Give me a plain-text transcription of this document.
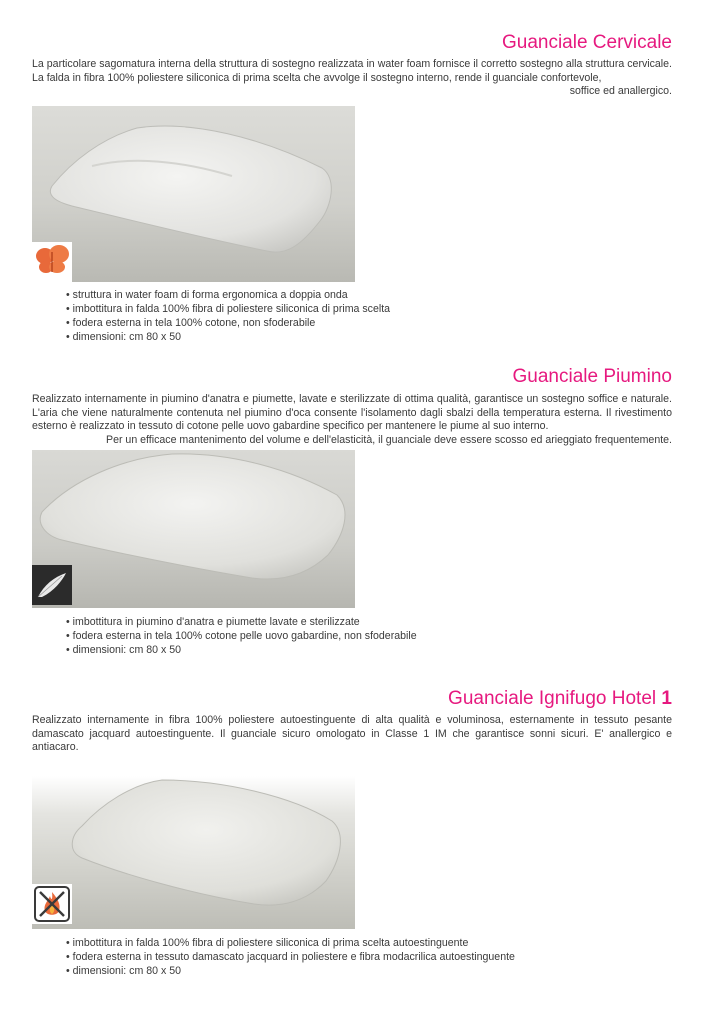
Guanciale Cervicale

La particolare sagomatura interna della struttura di sostegno realizzata in water foam fornisce il corretto sostegno alla struttura cervicale. La falda in fibra 100% poliestere siliconica di prima scelta che avvolge il sostegno interno, rende il guanciale confortevole,
soffice ed anallergico.

• struttura in water foam di forma ergonomica a doppia onda
• imbottitura in falda 100% fibra di poliestere siliconica di prima scelta
• fodera esterna in tela 100% cotone, non sfoderabile
• dimensioni: cm 80 x 50
Guanciale Piumino

Realizzato internamente in piumino d'anatra e piumette, lavate e sterilizzate di ottima qualità, garantisce un sostegno soffice e naturale. L'aria che viene naturalmente contenuta nel piumino d'oca consente l'isolamento dagli sbalzi della temperatura esterna. Il rivestimento esterno è realizzato in tessuto di cotone pelle uovo gabardine specifico per mantenere le piume al suo interno.
Per un efficace mantenimento del volume e dell'elasticità, il guanciale deve essere scosso ed arieggiato frequentemente.

• imbottitura in piumino d'anatra e piumette lavate e sterilizzate
• fodera esterna in tela 100% cotone pelle uovo gabardine, non sfoderabile
• dimensioni: cm 80 x 50
Guanciale Ignifugo Hotel 1

Realizzato internamente in fibra 100% poliestere autoestinguente di alta qualità e voluminosa, esternamente in tessuto pesante damascato jacquard autoestinguente. Il guanciale sicuro omologato in Classe 1 IM che garantisce sonni sicuri. E' anallergico e antiacaro.

• imbottitura in falda 100% fibra di poliestere siliconica di prima scelta autoestinguente
• fodera esterna in tessuto damascato jacquard in poliestere e fibra modacrilica autoestinguente
• dimensioni: cm 80 x 50
